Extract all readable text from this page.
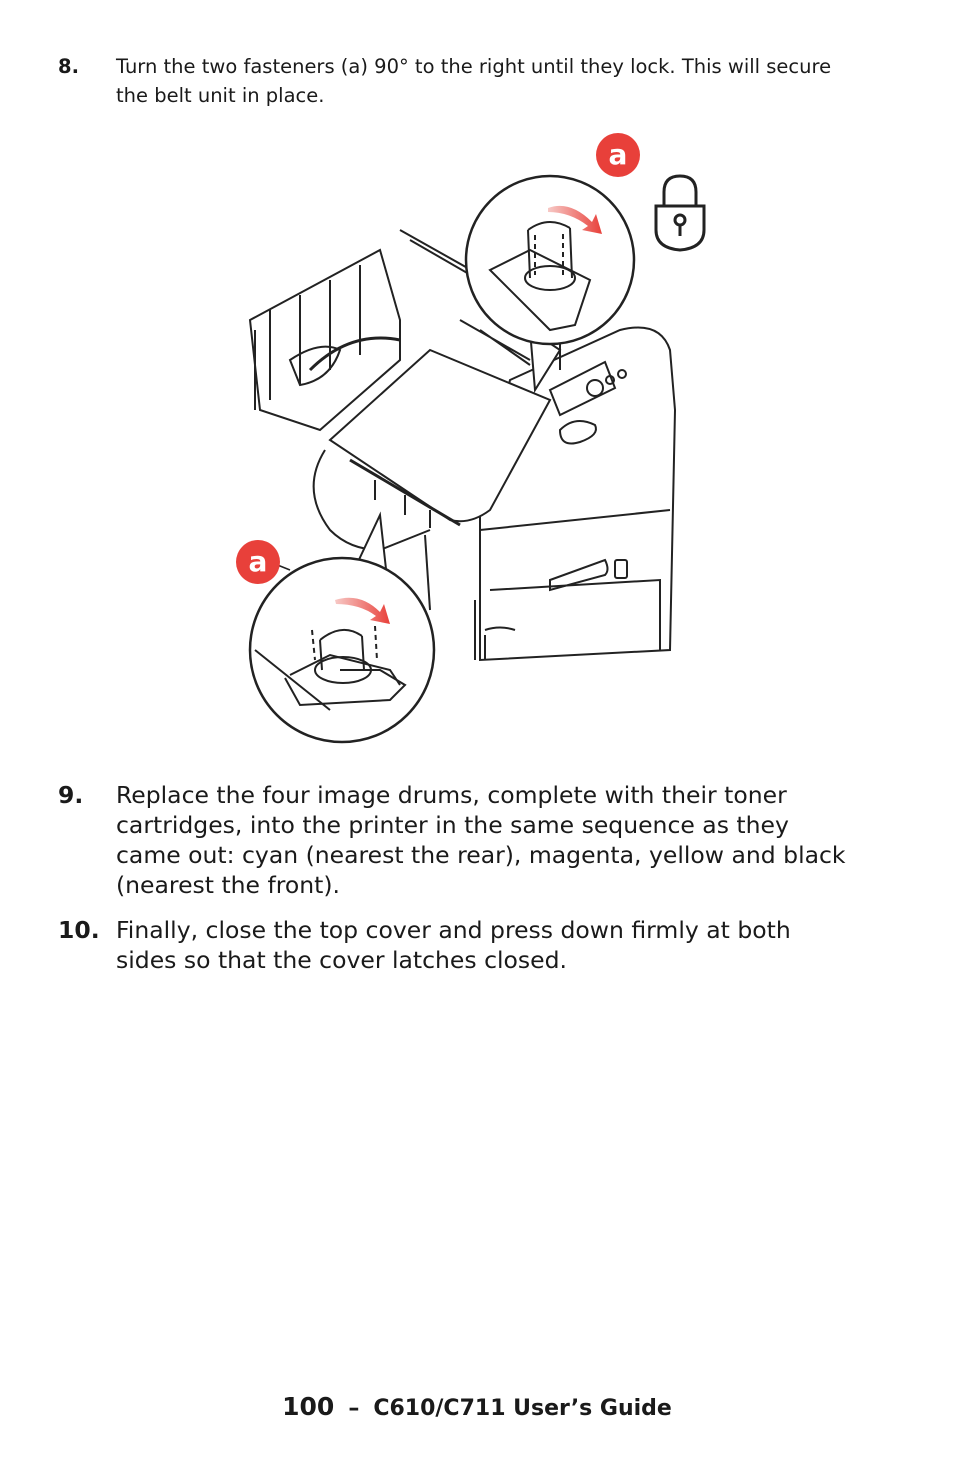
8. Turn the two fasteners (a) 90° to the right until they lock. This will secure the belt unit in place.
a
a
9. Replace the four image drums, complete with their toner cartridges, into the printer in the same sequence as they came out: cyan (nearest the rear), magenta, yellow and black (nearest the front).
10. Finally, close the top cover and press down firmly at both sides so that the cover latches closed.
100 – C610/C711 User’s Guide
